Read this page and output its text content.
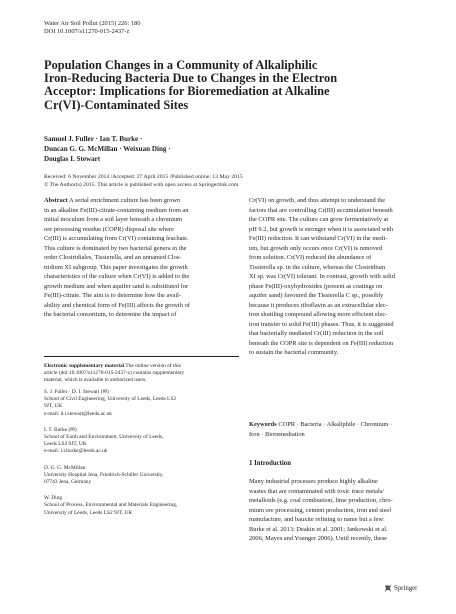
Water Air Soil Pollut (2015) 226: 180
DOI 10.1007/s11270-015-2437-z
Population Changes in a Community of Alkaliphilic
Iron-Reducing Bacteria Due to Changes in the Electron
Acceptor: Implications for Bioremediation at Alkaline
Cr(VI)-Contaminated Sites
Samuel J. Fuller · Ian T. Burke ·
Duncan G. G. McMillan · Weixuan Ding ·
Douglas I. Stewart
Received: 6 November 2014 /Accepted: 27 April 2015 /Published online: 13 May 2015
© The Author(s) 2015. This article is published with open access at Springerlink.com
Abstract A serial enrichment culture has been grown
in an alkaline Fe(III)-citrate-containing medium from an
initial inoculum from a soil layer beneath a chromium
ore processing residue (COPR) disposal site where
Cr(III) is accumulating from Cr(VI) containing leachate.
This culture is dominated by two bacterial genera in the
order Clostridiales, Tissierella, and an unnamed Clos-
tridium XI subgroup. This paper investigates the growth
characteristics of the culture when Cr(VI) is added to the
growth medium and when aquifer sand is substituted for
Fe(III)-citrate. The aim is to determine how the avail-
ability and chemical form of Fe(III) affects the growth of
the bacterial consortium, to determine the impact of
Electronic supplementary material The online version of this
article (doi:10.1007/s11270-015-2437-z) contains supplementary
material, which is available to authorized users.
S. J. Fuller · D. I. Stewart (✉)
School of Civil Engineering, University of Leeds, Leeds LS2
9JT, UK
e-mail: d.i.stewart@leeds.ac.uk
I. T. Burke (✉)
School of Earth and Environment, University of Leeds,
Leeds LS2 9JT, UK
e-mail: i.t.burke@leeds.ac.uk
D. G. G. McMillan
University Hospital Jena, Friedrich-Schiller University,
07743 Jena, Germany
W. Ding
School of Process, Environmental and Materials Engineering,
University of Leeds, Leeds LS2 9JT, UK
Cr(VI) on growth, and thus attempt to understand the
factors that are controlling Cr(III) accumulation beneath
the COPR site. The culture can grow fermentatively at
pH 9.2, but growth is stronger when it is associated with
Fe(III) reduction. It can withstand Cr(VI) in the medi-
um, but growth only occurs once Cr(VI) is removed
from solution. Cr(VI) reduced the abundance of
Tissierella sp. in the culture, whereas the Clostridium
XI sp. was Cr(VI) tolerant. In contrast, growth with solid
phase Fe(III)-oxyhydroxides (present as coatings on
aquifer sand) favoured the Tissierella C sp., possibly
because it produces riboflavin as an extracellular elec-
tron shuttling compound allowing more efficient elec-
tron transfer to solid Fe(III) phases. Thus, it is suggested
that bacterially mediated Cr(III) reduction in the soil
beneath the COPR site is dependent on Fe(III) reduction
to sustain the bacterial community.
Keywords COPR · Bacteria · Alkaliphile · Chromium ·
Iron · Bioremediation
1 Introduction
Many industrial processes produce highly alkaline
wastes that are contaminated with toxic trace metals/
metalloids (e.g. coal combustion, lime production, chro-
mium ore processing, cement production, iron and steel
manufacture, and bauxite refining to name but a few:
Burke et al. 2013; Deakin et al. 2001; Jankowski et al.
2006; Mayes and Younger 2006). Until recently, these
Springer
